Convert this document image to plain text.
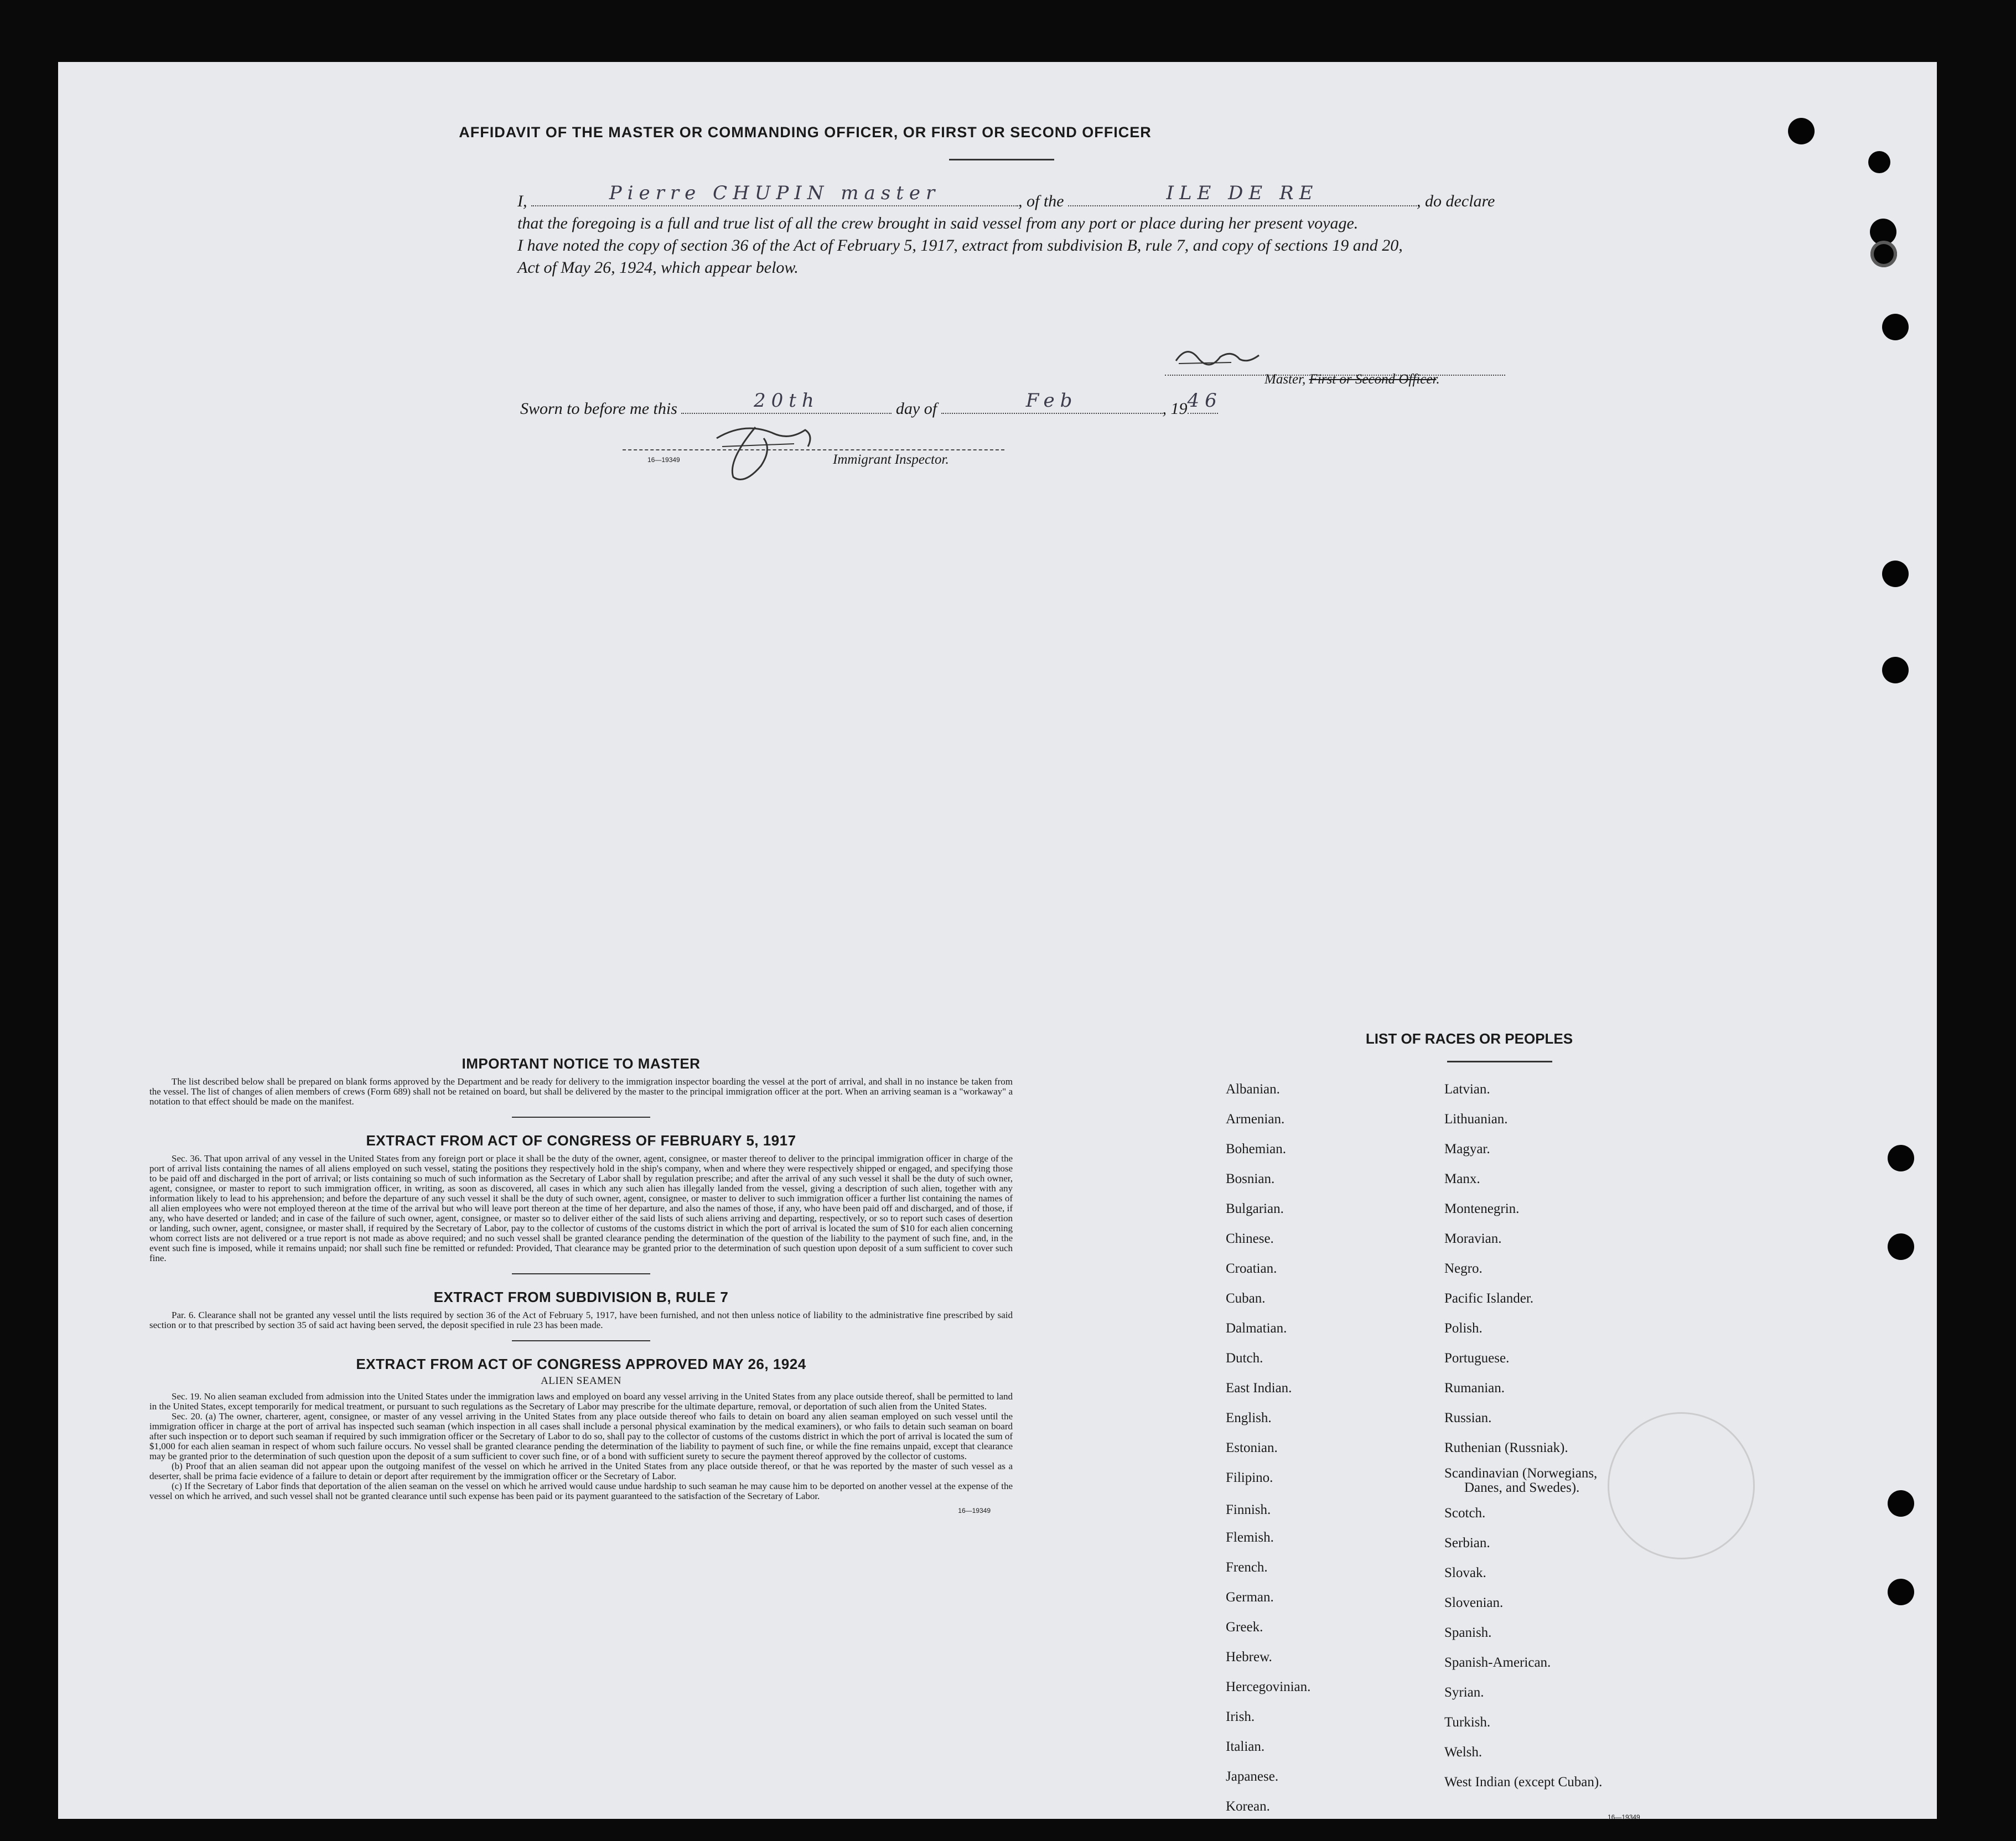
AFFIDAVIT OF THE MASTER OR COMMANDING OFFICER, OR FIRST OR SECOND OFFICER
I,	Pierre CHUPIN master	, of the	ILE DE RE	, do declare
that the foregoing is a full and true list of all the crew brought in said vessel from any port or place during her present voyage.
I have noted the copy of section 36 of the Act of February 5, 1917, extract from subdivision B, rule 7, and copy of sections 19 and 20,
Act of May 26, 1924, which appear below.
Master, First or Second Officer.
Sworn to before me this	20th	day of	Feb	, 19 46
16—19349	Immigrant Inspector.
IMPORTANT NOTICE TO MASTER

The list described below shall be prepared on blank forms approved by the Department and be ready for delivery to the immigration inspector boarding the vessel at the port of arrival, and shall in no instance be taken from the vessel. The list of changes of alien members of crews (Form 689) shall not be retained on board, but shall be delivered by the master to the principal immigration officer at the port. When an arriving seaman is a "workaway" a notation to that effect should be made on the manifest.

EXTRACT FROM ACT OF CONGRESS OF FEBRUARY 5, 1917

Sec. 36. That upon arrival of any vessel in the United States from any foreign port or place it shall be the duty of the owner, agent, consignee, or master thereof to deliver to the principal immigration officer in charge of the port of arrival lists containing the names of all aliens employed on such vessel, stating the positions they respectively hold in the ship's company, when and where they were respectively shipped or engaged, and specifying those to be paid off and discharged in the port of arrival; or lists containing so much of such information as the Secretary of Labor shall by regulation prescribe; and after the arrival of any such vessel it shall be the duty of such owner, agent, consignee, or master to report to such immigration officer, in writing, as soon as discovered, all cases in which any such alien has illegally landed from the vessel, giving a description of such alien, together with any information likely to lead to his apprehension; and before the departure of any such vessel it shall be the duty of such owner, agent, consignee, or master to deliver to such immigration officer a further list containing the names of all alien employees who were not employed thereon at the time of the arrival but who will leave port thereon at the time of her departure, and also the names of those, if any, who have been paid off and discharged, and of those, if any, who have deserted or landed; and in case of the failure of such owner, agent, consignee, or master so to deliver either of the said lists of such aliens arriving and departing, respectively, or so to report such cases of desertion or landing, such owner, agent, consignee, or master shall, if required by the Secretary of Labor, pay to the collector of customs of the customs district in which the port of arrival is located the sum of $10 for each alien concerning whom correct lists are not delivered or a true report is not made as above required; and no such vessel shall be granted clearance pending the determination of the question of the liability to the payment of such fine, and, in the event such fine is imposed, while it remains unpaid; nor shall such fine be remitted or refunded: Provided, That clearance may be granted prior to the determination of such question upon deposit of a sum sufficient to cover such fine.

EXTRACT FROM SUBDIVISION B, RULE 7

Par. 6. Clearance shall not be granted any vessel until the lists required by section 36 of the Act of February 5, 1917, have been furnished, and not then unless notice of liability to the administrative fine prescribed by said section or to that prescribed by section 35 of said act having been served, the deposit specified in rule 23 has been made.

EXTRACT FROM ACT OF CONGRESS APPROVED MAY 26, 1924
ALIEN SEAMEN

Sec. 19. No alien seaman excluded from admission into the United States under the immigration laws and employed on board any vessel arriving in the United States from any place outside thereof, shall be permitted to land in the United States, except temporarily for medical treatment, or pursuant to such regulations as the Secretary of Labor may prescribe for the ultimate departure, removal, or deportation of such alien from the United States.

Sec. 20. (a) The owner, charterer, agent, consignee, or master of any vessel arriving in the United States from any place outside thereof who fails to detain on board any alien seaman employed on such vessel until the immigration officer in charge at the port of arrival has inspected such seaman (which inspection in all cases shall include a personal physical examination by the medical examiners), or who fails to detain such seaman on board after such inspection or to deport such seaman if required by such immigration officer or the Secretary of Labor to do so, shall pay to the collector of customs of the customs district in which the port of arrival is located the sum of $1,000 for each alien seaman in respect of whom such failure occurs. No vessel shall be granted clearance pending the determination of the liability to payment of such fine, or while the fine remains unpaid, except that clearance may be granted prior to the determination of such question upon the deposit of a sum sufficient to cover such fine, or of a bond with sufficient surety to secure the payment thereof approved by the collector of customs.

(b) Proof that an alien seaman did not appear upon the outgoing manifest of the vessel on which he arrived in the United States from any place outside thereof, or that he was reported by the master of such vessel as a deserter, shall be prima facie evidence of a failure to detain or deport after requirement by the immigration officer or the Secretary of Labor.

(c) If the Secretary of Labor finds that deportation of the alien seaman on the vessel on which he arrived would cause undue hardship to such seaman he may cause him to be deported on another vessel at the expense of the vessel on which he arrived, and such vessel shall not be granted clearance until such expense has been paid or its payment guaranteed to the satisfaction of the Secretary of Labor.

16—19349
LIST OF RACES OR PEOPLES
Albanian.
Armenian.
Bohemian.
Bosnian.
Bulgarian.
Chinese.
Croatian.
Cuban.
Dalmatian.
Dutch.
East Indian.
English.
Estonian.
Filipino.
Finnish.
Flemish.
French.
German.
Greek.
Hebrew.
Hercegovinian.
Irish.
Italian.
Japanese.
Korean.
Latvian.
Lithuanian.
Magyar.
Manx.
Montenegrin.
Moravian.
Negro.
Pacific Islander.
Polish.
Portuguese.
Rumanian.
Russian.
Ruthenian (Russniak).
Scandinavian (Norwegians,
Danes, and Swedes).
Scotch.
Serbian.
Slovak.
Slovenian.
Spanish.
Spanish-American.
Syrian.
Turkish.
Welsh.
West Indian (except Cuban).
16—19349
